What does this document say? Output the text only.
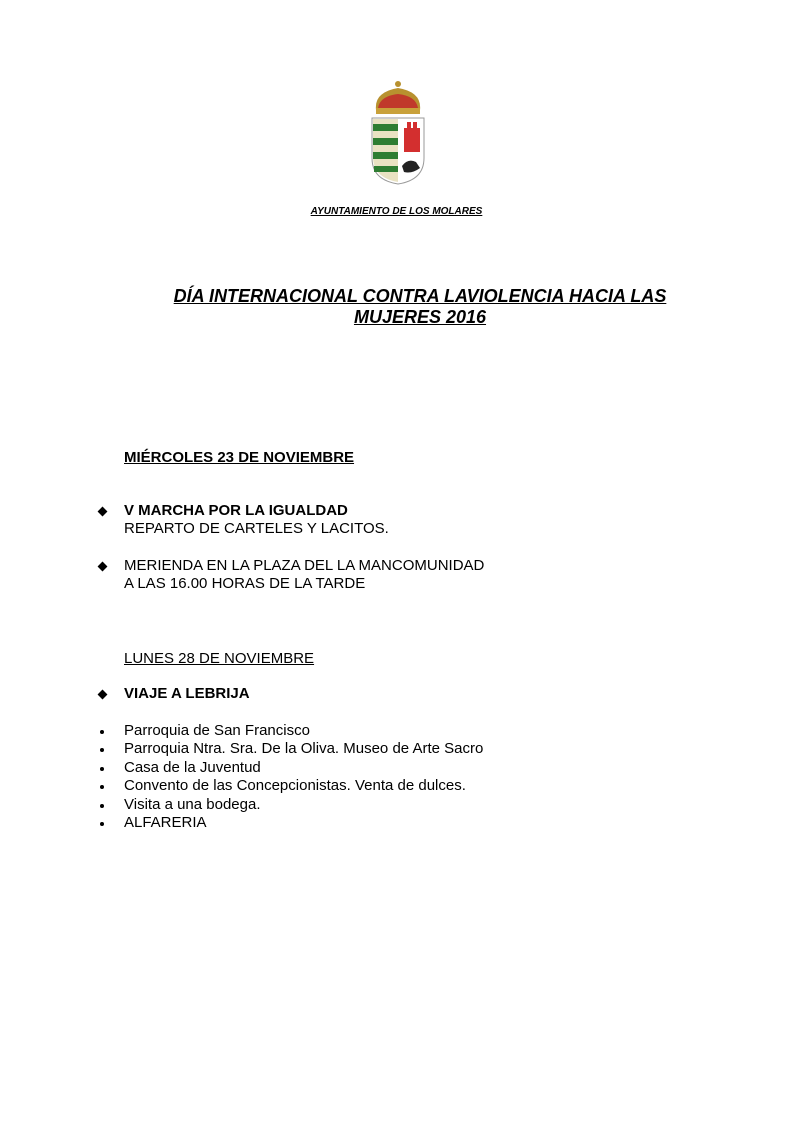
AYUNTAMIENTO DE LOS MOLARES
DÍA INTERNACIONAL CONTRA LAVIOLENCIA HACIA LAS
MUJERES 2016
MIÉRCOLES 23 DE NOVIEMBRE
V MARCHA POR LA IGUALDAD
REPARTO DE CARTELES Y LACITOS.
MERIENDA EN LA PLAZA DEL LA MANCOMUNIDAD
A LAS 16.00 HORAS DE LA TARDE
LUNES 28 DE NOVIEMBRE
VIAJE A LEBRIJA
Parroquia de San Francisco
Parroquia Ntra. Sra. De la Oliva. Museo de Arte Sacro
Casa de la Juventud
Convento de las Concepcionistas. Venta de dulces.
Visita a una bodega.
ALFARERIA
